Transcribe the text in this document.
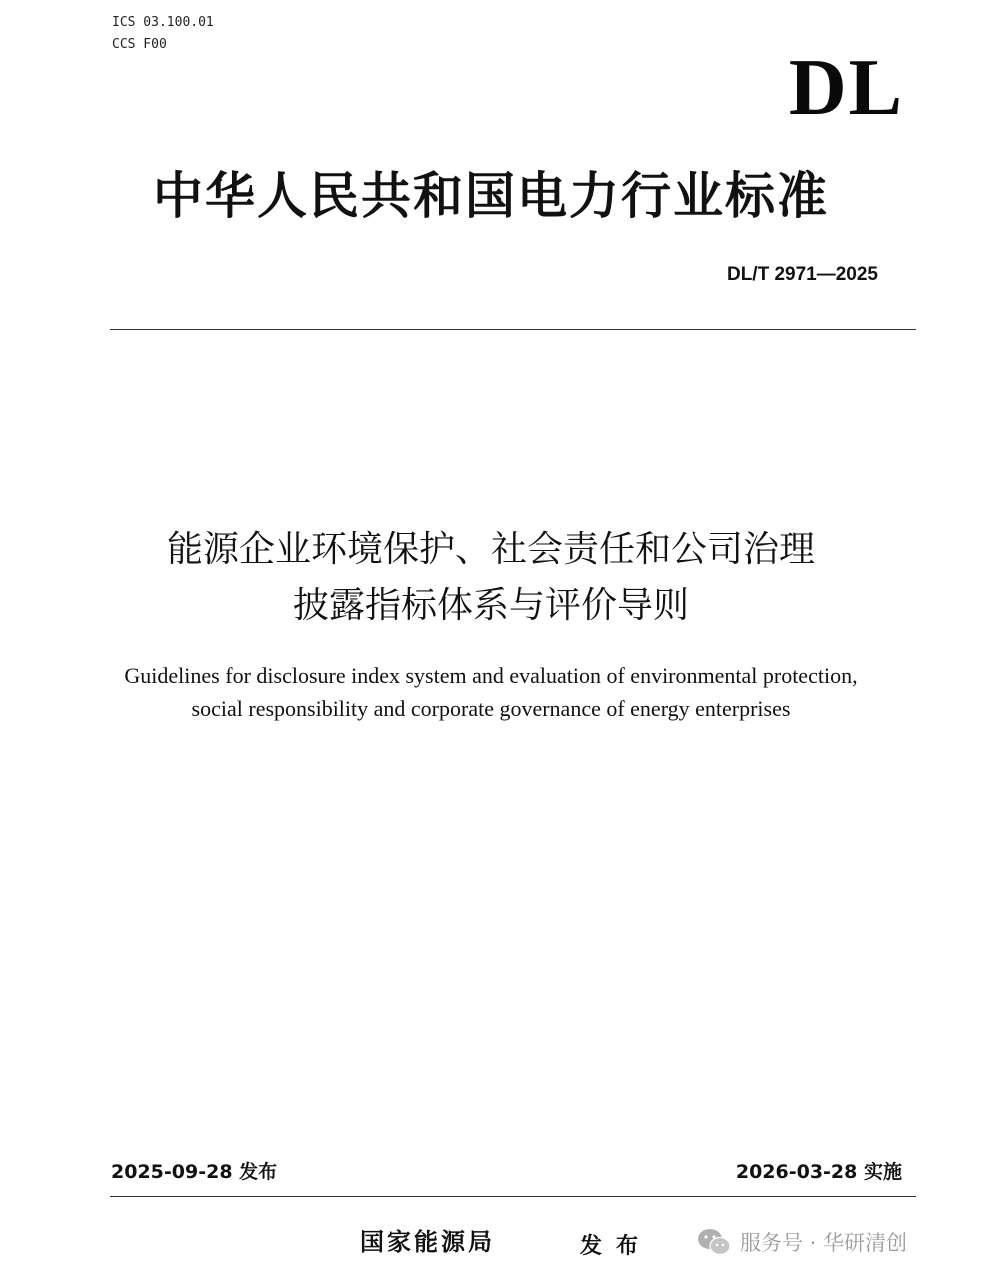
ICS 03.100.01
CCS F00	DL
中华人民共和国电力行业标准
DL/T 2971—2025
能源企业环境保护、社会责任和公司治理
披露指标体系与评价导则
Guidelines for disclosure index system and evaluation of environmental protection,
social responsibility and corporate governance of energy enterprises
2025-09-28 发布	2026-03-28 实施
国家能源局	发布	服务号 · 华研清创
